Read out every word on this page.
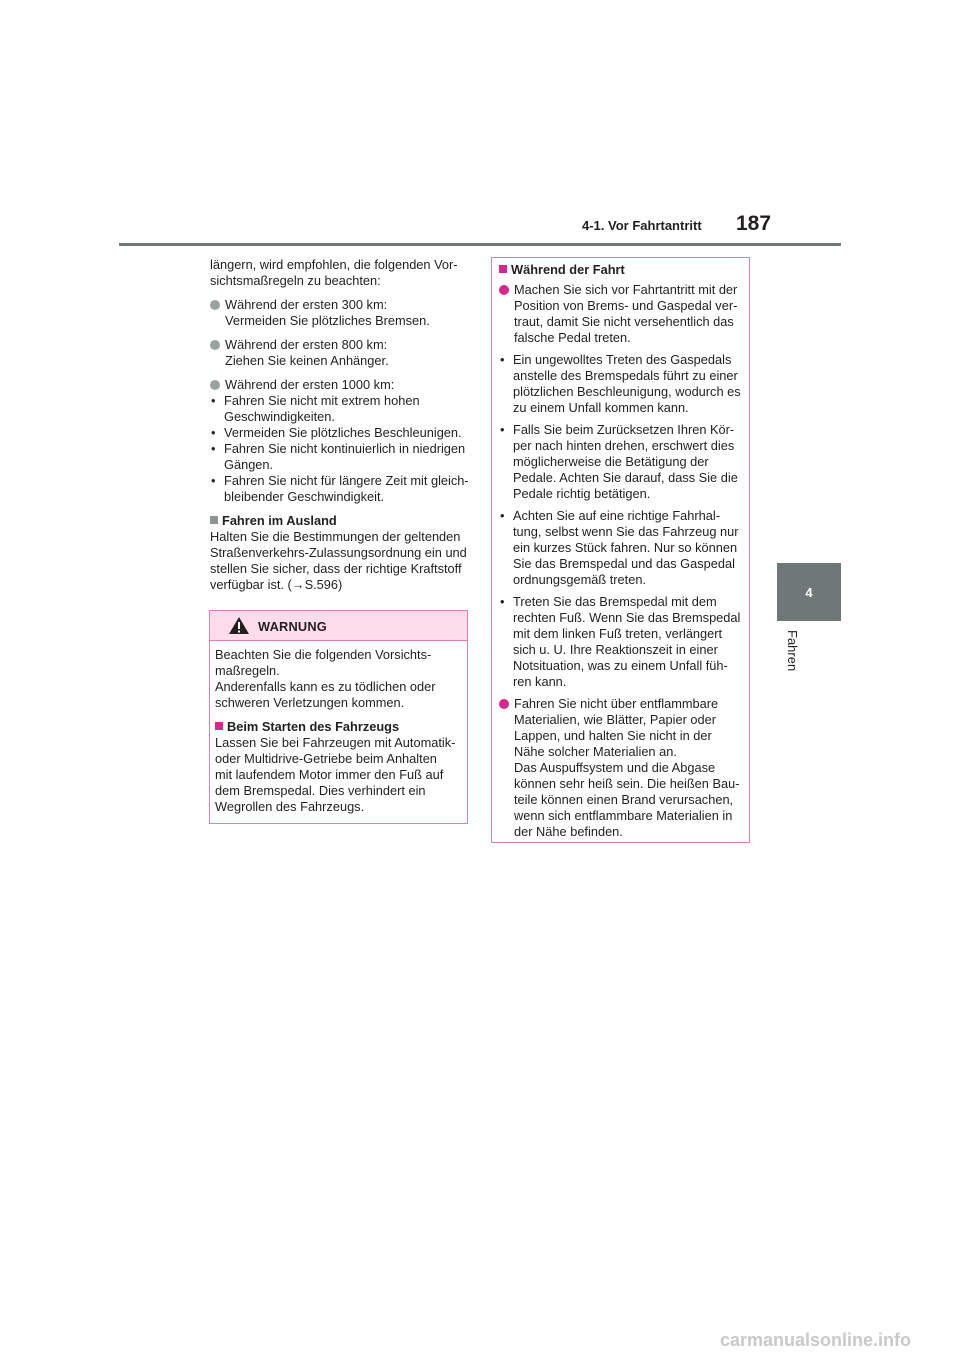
4-1. Vor Fahrtantritt 187
4
Fahren

längern, wird empfohlen, die folgenden Vor-
sichtsmaßregeln zu beachten:

Während der ersten 300 km:
Vermeiden Sie plötzliches Bremsen.
Während der ersten 800 km:
Ziehen Sie keinen Anhänger.
Während der ersten 1000 km:
• Fahren Sie nicht mit extrem hohen
Geschwindigkeiten.
• Vermeiden Sie plötzliches Beschleunigen.
• Fahren Sie nicht kontinuierlich in niedrigen
Gängen.
• Fahren Sie nicht für längere Zeit mit gleich-
bleibender Geschwindigkeit.

Fahren im Ausland

Halten Sie die Bestimmungen der geltenden
Straßenverkehrs-Zulassungsordnung ein und
stellen Sie sicher, dass der richtige Kraftstoff
verfügbar ist. (→S.596)

WARNUNG

Beachten Sie die folgenden Vorsichts-
maßregeln.
Anderenfalls kann es zu tödlichen oder
schweren Verletzungen kommen.

Beim Starten des Fahrzeugs

Lassen Sie bei Fahrzeugen mit Automatik-
oder Multidrive-Getriebe beim Anhalten
mit laufendem Motor immer den Fuß auf
dem Bremspedal. Dies verhindert ein
Wegrollen des Fahrzeugs.

Während der Fahrt

Machen Sie sich vor Fahrtantritt mit der
Position von Brems- und Gaspedal ver-
traut, damit Sie nicht versehentlich das
falsche Pedal treten.
• Ein ungewolltes Treten des Gaspedals
anstelle des Bremspedals führt zu einer
plötzlichen Beschleunigung, wodurch es
zu einem Unfall kommen kann.
• Falls Sie beim Zurücksetzen Ihren Kör-
per nach hinten drehen, erschwert dies
möglicherweise die Betätigung der
Pedale. Achten Sie darauf, dass Sie die
Pedale richtig betätigen.
• Achten Sie auf eine richtige Fahrhal-
tung, selbst wenn Sie das Fahrzeug nur
ein kurzes Stück fahren. Nur so können
Sie das Bremspedal und das Gaspedal
ordnungsgemäß treten.
• Treten Sie das Bremspedal mit dem
rechten Fuß. Wenn Sie das Bremspedal
mit dem linken Fuß treten, verlängert
sich u. U. Ihre Reaktionszeit in einer
Notsituation, was zu einem Unfall füh-
ren kann.
Fahren Sie nicht über entflammbare
Materialien, wie Blätter, Papier oder
Lappen, und halten Sie nicht in der
Nähe solcher Materialien an.
Das Auspuffsystem und die Abgase
können sehr heiß sein. Die heißen Bau-
teile können einen Brand verursachen,
wenn sich entflammbare Materialien in
der Nähe befinden.
carmanualsonline.info
